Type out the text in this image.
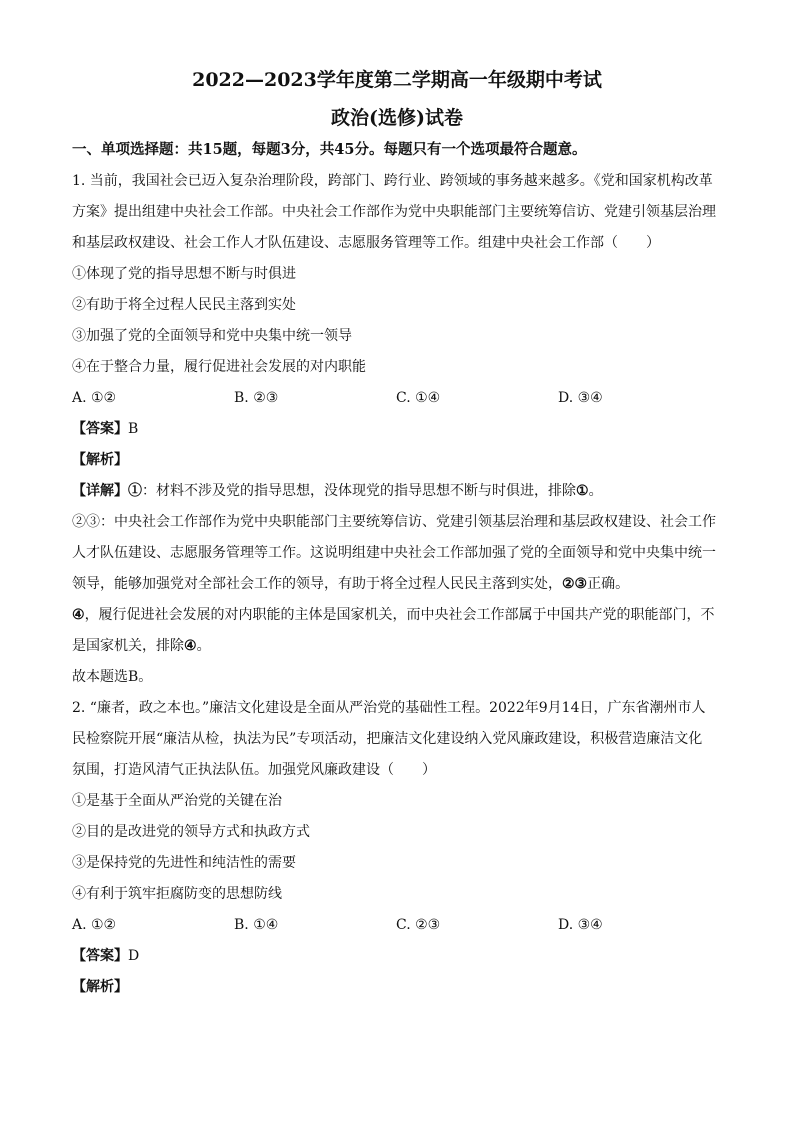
2022—2023学年度第二学期高一年级期中考试

政治(选修)试卷

一、单项选择题：共15题，每题3分，共45分。每题只有一个选项最符合题意。

1. 当前，我国社会已迈入复杂治理阶段，跨部门、跨行业、跨领域的事务越来越多。《党和国家机构改革

方案》提出组建中央社会工作部。中央社会工作部作为党中央职能部门主要统筹信访、党建引领基层治理

和基层政权建设、社会工作人才队伍建设、志愿服务管理等工作。组建中央社会工作部（　　）

①体现了党的指导思想不断与时俱进

②有助于将全过程人民民主落到实处

③加强了党的全面领导和党中央集中统一领导

④在于整合力量，履行促进社会发展的对内职能

A. ①②	B. ②③	C. ①④	D. ③④

【答案】B

【解析】

【详解】①：材料不涉及党的指导思想，没体现党的指导思想不断与时俱进，排除①。

②③：中央社会工作部作为党中央职能部门主要统筹信访、党建引领基层治理和基层政权建设、社会工作

人才队伍建设、志愿服务管理等工作。这说明组建中央社会工作部加强了党的全面领导和党中央集中统一

领导，能够加强党对全部社会工作的领导，有助于将全过程人民民主落到实处，②③正确。

④，履行促进社会发展的对内职能的主体是国家机关，而中央社会工作部属于中国共产党的职能部门，不

是国家机关，排除④。

故本题选B。

2. “廉者，政之本也。”廉洁文化建设是全面从严治党的基础性工程。2022年9月14日，广东省潮州市人

民检察院开展“廉洁从检，执法为民”专项活动，把廉洁文化建设纳入党风廉政建设，积极营造廉洁文化

氛围，打造风清气正执法队伍。加强党风廉政建设（　　）

①是基于全面从严治党的关键在治

②目的是改进党的领导方式和执政方式

③是保持党的先进性和纯洁性的需要

④有利于筑牢拒腐防变的思想防线

A. ①②	B. ①④	C. ②③	D. ③④

【答案】D

【解析】
